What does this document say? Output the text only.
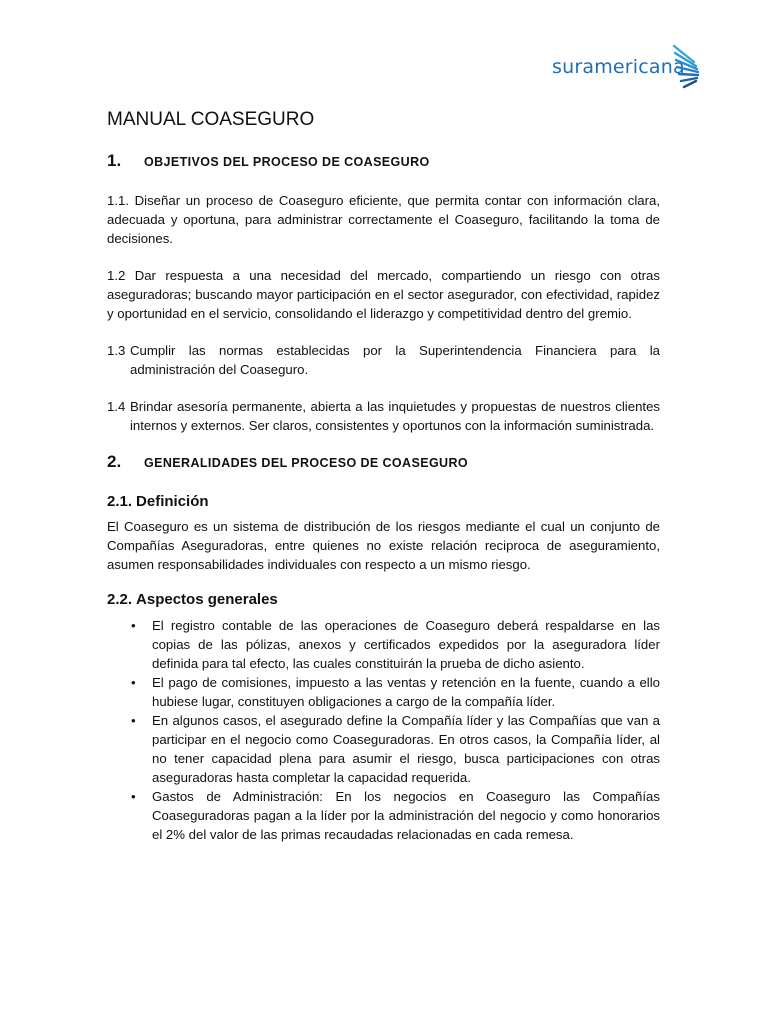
suramericana
MANUAL COASEGURO
1.	OBJETIVOS DEL PROCESO DE COASEGURO

1.1. Diseñar un proceso de Coaseguro eficiente, que permita contar con información clara, adecuada y oportuna, para administrar correctamente el Coaseguro, facilitando la toma de decisiones.

1.2 Dar respuesta a una necesidad del mercado, compartiendo un riesgo con otras aseguradoras; buscando mayor participación en el sector asegurador, con efectividad, rapidez y oportunidad en el servicio, consolidando el liderazgo y competitividad dentro del gremio.

1.3 Cumplir las normas establecidas por la Superintendencia Financiera para la administración del Coaseguro.
1.4 Brindar asesoría permanente, abierta a las inquietudes y propuestas de nuestros clientes internos y externos. Ser claros, consistentes y oportunos con la información suministrada.
2.	GENERALIDADES DEL PROCESO DE COASEGURO
2.1. Definición

El Coaseguro es un sistema de distribución de los riesgos mediante el cual un conjunto de Compañías Aseguradoras, entre quienes no existe relación reciproca de aseguramiento, asumen responsabilidades individuales con respecto a un mismo riesgo.

2.2. Aspectos generales
•	El registro contable de las operaciones de Coaseguro deberá respaldarse en las copias de las pólizas, anexos y certificados expedidos por la aseguradora líder definida para tal efecto, las cuales constituirán la prueba de dicho asiento.
•	El pago de comisiones, impuesto a las ventas y retención en la fuente, cuando a ello hubiese lugar, constituyen obligaciones a cargo de la compañía líder.
•	En algunos casos, el asegurado define la Compañía líder y las Compañías que van a participar en el negocio como Coaseguradoras. En otros casos, la Compañía líder, al no tener capacidad plena para asumir el riesgo, busca participaciones con otras aseguradoras hasta completar la capacidad requerida.
•	Gastos de Administración: En los negocios en Coaseguro las Compañías Coaseguradoras pagan a la líder por la administración del negocio y como honorarios el 2% del valor de las primas recaudadas relacionadas en cada remesa.
